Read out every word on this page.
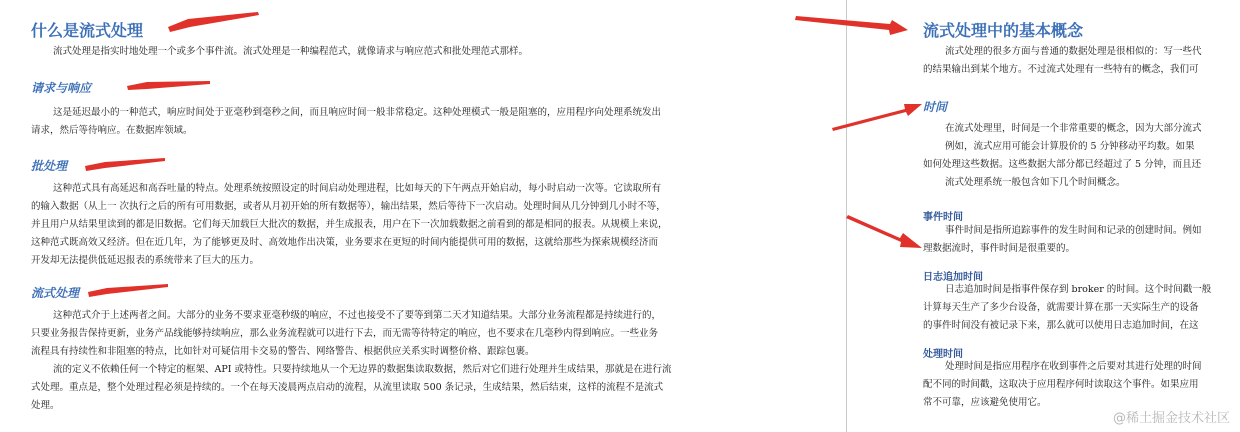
什么是流式处理

流式处理是指实时地处理一个或多个事件流。流式处理是一种编程范式，就像请求与响应范式和批处理范式那样。

请求与响应
这是延迟最小的一种范式，响应时间处于亚毫秒到毫秒之间，而且响应时间一般非常稳定。这种处理模式一般是阻塞的，应用程序向处理系统发出
请求，然后等待响应。在数据库领域。
批处理
这种范式具有高延迟和高吞吐量的特点。处理系统按照设定的时间启动处理进程，比如每天的下午两点开始启动，每小时启动一次等。它读取所有
的输入数据（从上一 次执行之后的所有可用数据，或者从月初开始的所有数据等），输出结果，然后等待下一次启动。处理时间从几分钟到几小时不等，
并且用户从结果里读到的都是旧数据。它们每天加载巨大批次的数据，并生成报表，用户在下一次加载数据之前看到的都是相同的报表。从规模上来说，
这种范式既高效又经济。但在近几年，为了能够更及时、高效地作出决策，业务要求在更短的时间内能提供可用的数据，这就给那些为探索规模经济而
开发却无法提供低延迟报表的系统带来了巨大的压力。
流式处理
这种范式介于上述两者之间。大部分的业务不要求亚毫秒级的响应，不过也接受不了要等到第二天才知道结果。大部分业务流程都是持续进行的，
只要业务报告保持更新，业务产品线能够持续响应，那么业务流程就可以进行下去，而无需等待特定的响应，也不要求在几毫秒内得到响应。一些业务
流程具有持续性和非阻塞的特点，比如针对可疑信用卡交易的警告、网络警告、根据供应关系实时调整价格、跟踪包裹。
流的定义不依赖任何一个特定的框架、API 或特性。只要持续地从一个无边界的数据集读取数据，然后对它们进行处理并生成结果，那就是在进行流
式处理。重点是，整个处理过程必须是持续的。一个在每天凌晨两点启动的流程，从流里读取 500 条记录，生成结果，然后结束，这样的流程不是流式
处理。
流式处理中的基本概念
流式处理的很多方面与普通的数据处理是很相似的：写一些代
的结果输出到某个地方。不过流式处理有一些特有的概念，我们可
时间
在流式处理里，时间是一个非常重要的概念，因为大部分流式
例如，流式应用可能会计算股价的 5 分钟移动平均数。如果
如何处理这些数据。这些数据大部分都已经超过了 5 分钟，而且还
流式处理系统一般包含如下几个时间概念。
事件时间
事件时间是指所追踪事件的发生时间和记录的创建时间。例如
理数据流时，事件时间是很重要的。
日志追加时间
日志追加时间是指事件保存到 broker 的时间。这个时间戳一般
计算每天生产了多少台设备，就需要计算在那一天实际生产的设备
的事件时间没有被记录下来，那么就可以使用日志追加时间，在这
处理时间
处理时间是指应用程序在收到事件之后要对其进行处理的时间
配不同的时间戳，这取决于应用程序何时读取这个事件。如果应用
常不可靠，应该避免使用它。
@稀土掘金技术社区
